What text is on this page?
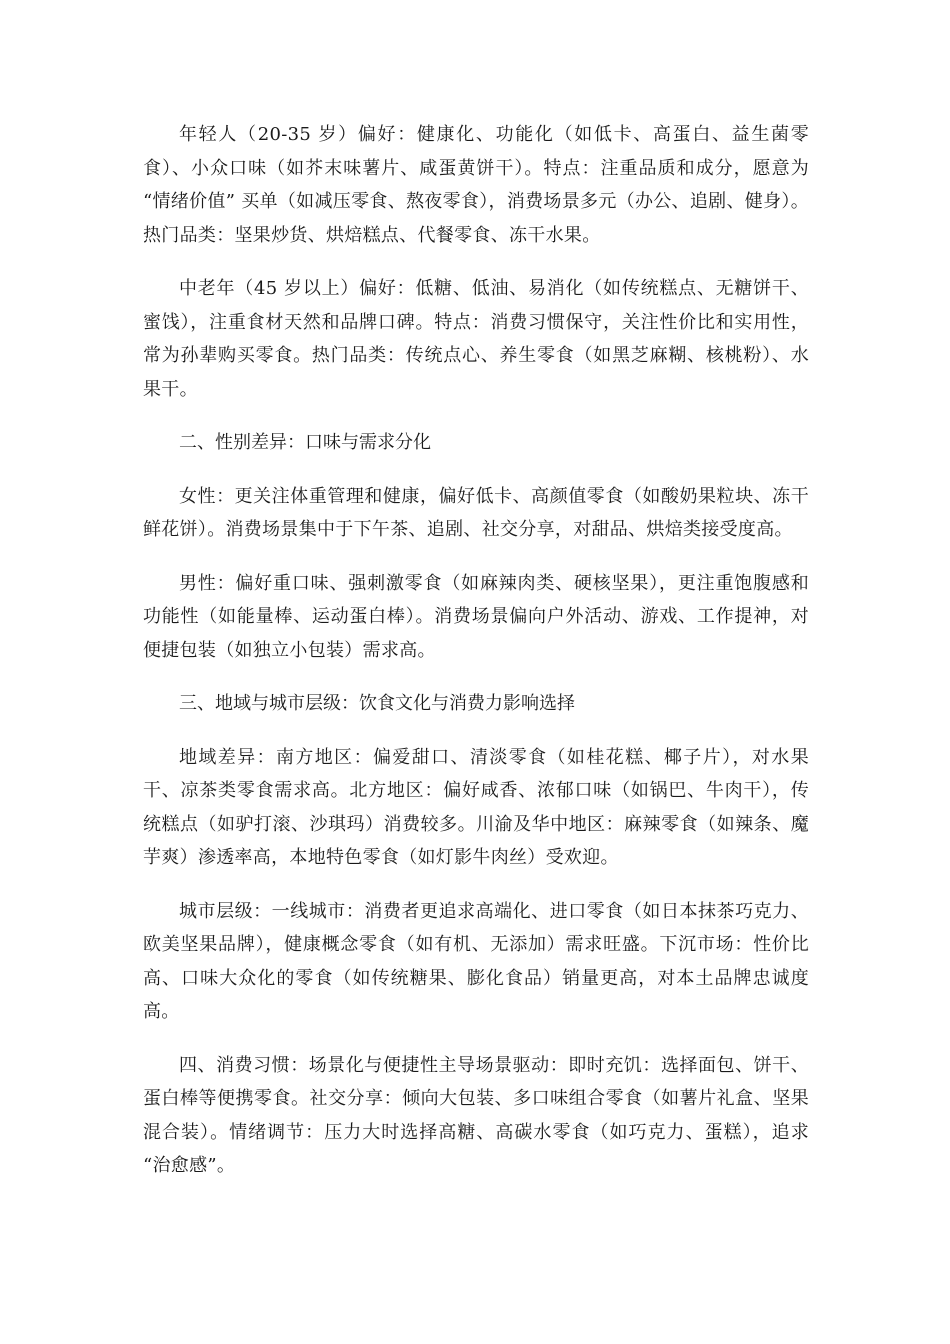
年轻人（20-35 岁）偏好：健康化、功能化（如低卡、高蛋白、益生菌零食）、小众口味（如芥末味薯片、咸蛋黄饼干）。特点：注重品质和成分，愿意为 “情绪价值” 买单（如减压零食、熬夜零食），消费场景多元（办公、追剧、健身）。热门品类：坚果炒货、烘焙糕点、代餐零食、冻干水果。

中老年（45 岁以上）偏好：低糖、低油、易消化（如传统糕点、无糖饼干、蜜饯），注重食材天然和品牌口碑。特点：消费习惯保守，关注性价比和实用性，常为孙辈购买零食。热门品类：传统点心、养生零食（如黑芝麻糊、核桃粉）、水果干。

二、性别差异：口味与需求分化

女性：更关注体重管理和健康，偏好低卡、高颜值零食（如酸奶果粒块、冻干鲜花饼）。消费场景集中于下午茶、追剧、社交分享，对甜品、烘焙类接受度高。

男性：偏好重口味、强刺激零食（如麻辣肉类、硬核坚果），更注重饱腹感和功能性（如能量棒、运动蛋白棒）。消费场景偏向户外活动、游戏、工作提神，对便捷包装（如独立小包装）需求高。

三、地域与城市层级：饮食文化与消费力影响选择

地域差异：南方地区：偏爱甜口、清淡零食（如桂花糕、椰子片），对水果干、凉茶类零食需求高。北方地区：偏好咸香、浓郁口味（如锅巴、牛肉干），传统糕点（如驴打滚、沙琪玛）消费较多。川渝及华中地区：麻辣零食（如辣条、魔芋爽）渗透率高，本地特色零食（如灯影牛肉丝）受欢迎。

城市层级：一线城市：消费者更追求高端化、进口零食（如日本抹茶巧克力、欧美坚果品牌），健康概念零食（如有机、无添加）需求旺盛。下沉市场：性价比高、口味大众化的零食（如传统糖果、膨化食品）销量更高，对本土品牌忠诚度高。

四、消费习惯：场景化与便捷性主导场景驱动：即时充饥：选择面包、饼干、蛋白棒等便携零食。社交分享：倾向大包装、多口味组合零食（如薯片礼盒、坚果混合装）。情绪调节：压力大时选择高糖、高碳水零食（如巧克力、蛋糕），追求 “治愈感”。
